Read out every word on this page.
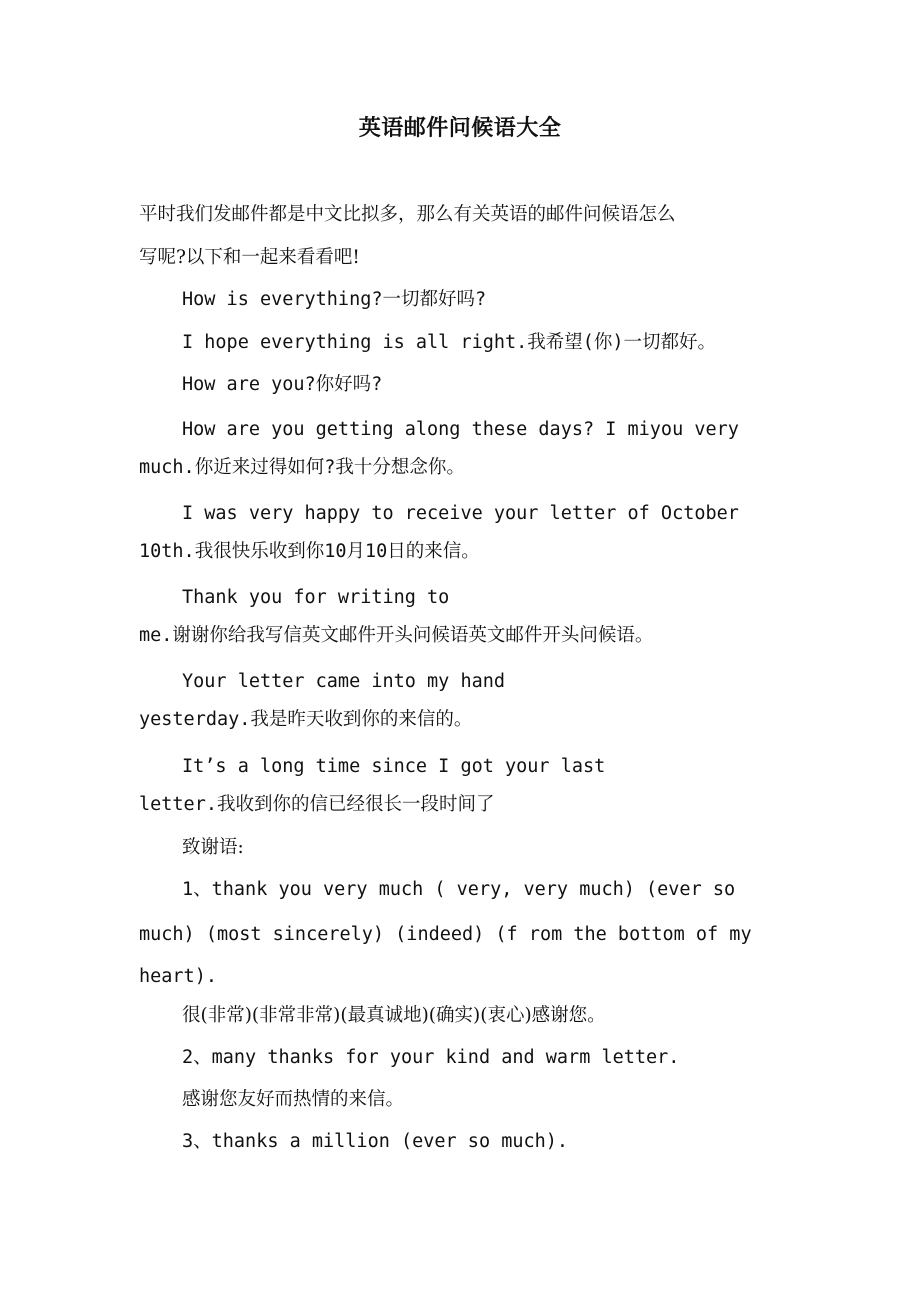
英语邮件问候语大全
平时我们发邮件都是中文比拟多，那么有关英语的邮件问候语怎么
写呢?以下和一起来看看吧!
How is everything?一切都好吗?
I hope everything is all right.我希望(你)一切都好。
How are you?你好吗?
How are you getting along these days? I miyou very
much.你近来过得如何?我十分想念你。
I was very happy to receive your letter of October
10th.我很快乐收到你10月10日的来信。
Thank you for writing to
me.谢谢你给我写信英文邮件开头问候语英文邮件开头问候语。
Your letter came into my hand
yesterday.我是昨天收到你的来信的。
It’s a long time since I got your last
letter.我收到你的信已经很长一段时间了
致谢语:
1、thank you very much ( very, very much) (ever so
much) (most sincerely) (indeed) (f rom the bottom of my
heart).
很(非常)(非常非常)(最真诚地)(确实)(衷心)感谢您。
2、many thanks for your kind and warm letter.
感谢您友好而热情的来信。
3、thanks a million (ever so much).
